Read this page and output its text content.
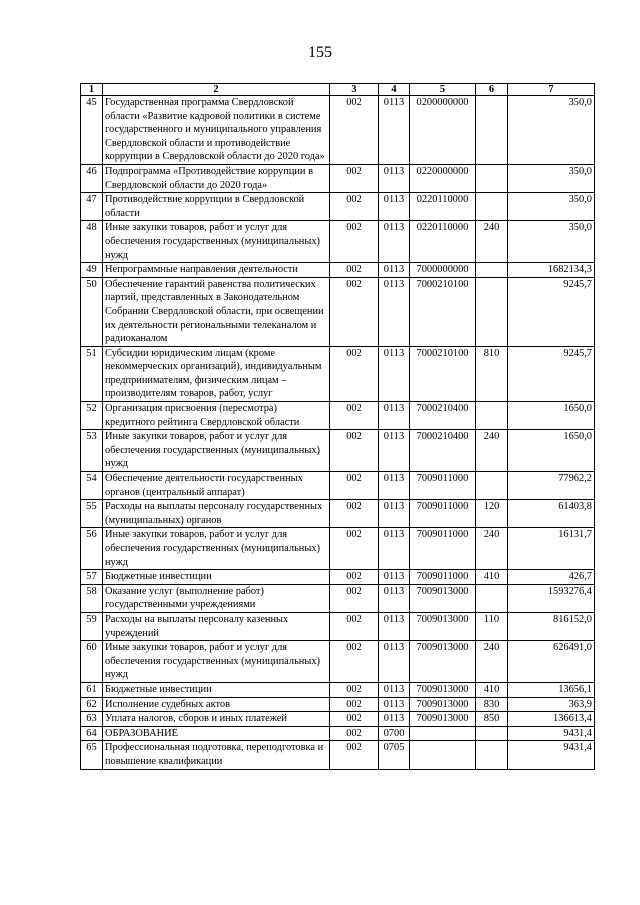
155
1	2	3	4	5	6	7
45	Государственная программа Свердловской области «Развитие кадровой политики в системе государственного и муниципального управления Свердловской области и противодействие коррупции в Свердловской области до 2020 года»	002	0113	0200000000		350,0
46	Подпрограмма «Противодействие коррупции в Свердловской области до 2020 года»	002	0113	0220000000		350,0
47	Противодействие коррупции в Свердловской области	002	0113	0220110000		350,0
48	Иные закупки товаров, работ и услуг для обеспечения государственных (муниципальных) нужд	002	0113	0220110000	240	350,0
49	Непрограммные направления деятельности	002	0113	7000000000		1682134,3
50	Обеспечение гарантий равенства политических партий, представленных в Законодательном Собрании Свердловской области, при освещении их деятельности региональными телеканалом и радиоканалом	002	0113	7000210100		9245,7
51	Субсидии юридическим лицам (кроме некоммерческих организаций), индивидуальным предпринимателям, физическим лицам – производителям товаров, работ, услуг	002	0113	7000210100	810	9245,7
52	Организация присвоения (пересмотра) кредитного рейтинга Свердловской области	002	0113	7000210400		1650,0
53	Иные закупки товаров, работ и услуг для обеспечения государственных (муниципальных) нужд	002	0113	7000210400	240	1650,0
54	Обеспечение деятельности государственных органов (центральный аппарат)	002	0113	7009011000		77962,2
55	Расходы на выплаты персоналу государственных (муниципальных) органов	002	0113	7009011000	120	61403,8
56	Иные закупки товаров, работ и услуг для обеспечения государственных (муниципальных) нужд	002	0113	7009011000	240	16131,7
57	Бюджетные инвестиции	002	0113	7009011000	410	426,7
58	Оказание услуг (выполнение работ) государственными учреждениями	002	0113	7009013000		1593276,4
59	Расходы на выплаты персоналу казенных учреждений	002	0113	7009013000	110	816152,0
60	Иные закупки товаров, работ и услуг для обеспечения государственных (муниципальных) нужд	002	0113	7009013000	240	626491,0
61	Бюджетные инвестиции	002	0113	7009013000	410	13656,1
62	Исполнение судебных актов	002	0113	7009013000	830	363,9
63	Уплата налогов, сборов и иных платежей	002	0113	7009013000	850	136613,4
64	ОБРАЗОВАНИЕ	002	0700			9431,4
65	Профессиональная подготовка, переподготовка и повышение квалификации	002	0705			9431,4
